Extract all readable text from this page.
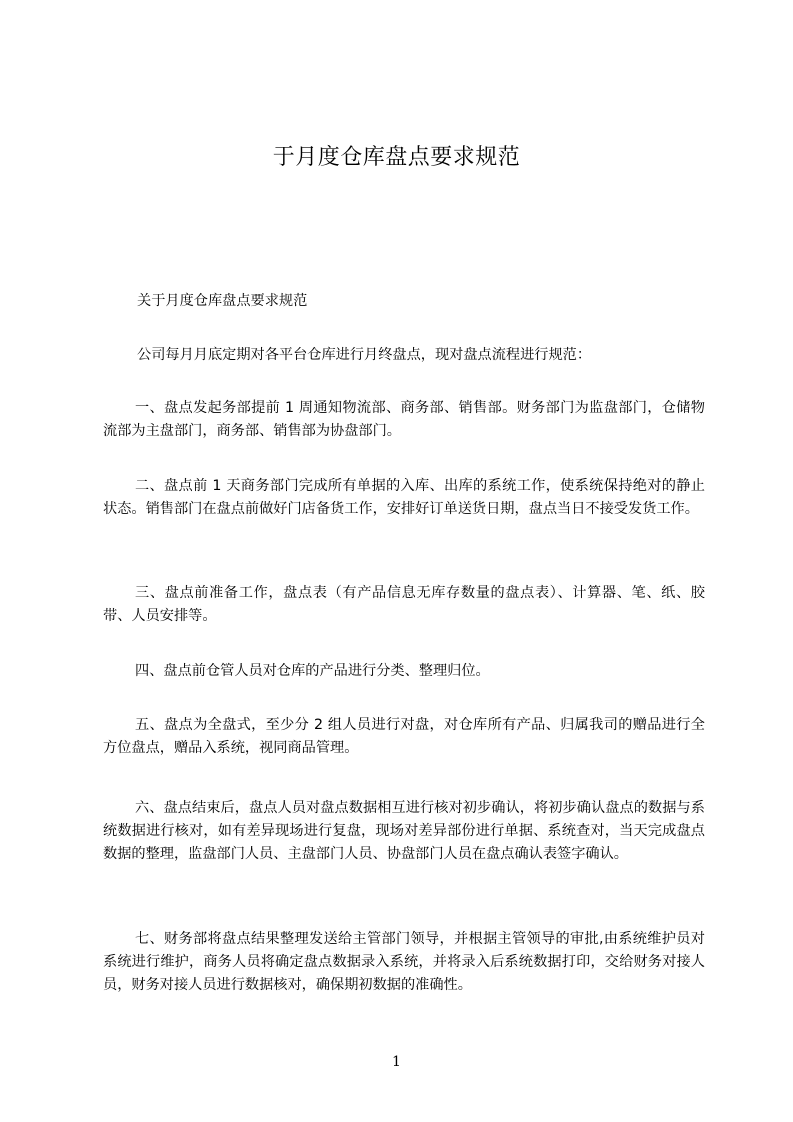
于月度仓库盘点要求规范
关于月度仓库盘点要求规范
公司每月月底定期对各平台仓库进行月终盘点，现对盘点流程进行规范：
一、盘点发起务部提前 1 周通知物流部、商务部、销售部。财务部门为监盘部门，仓储物流部为主盘部门，商务部、销售部为协盘部门。
二、盘点前 1 天商务部门完成所有单据的入库、出库的系统工作，使系统保持绝对的静止状态。销售部门在盘点前做好门店备货工作，安排好订单送货日期，盘点当日不接受发货工作。
三、盘点前准备工作，盘点表（有产品信息无库存数量的盘点表）、计算器、笔、纸、胶带、人员安排等。
四、盘点前仓管人员对仓库的产品进行分类、整理归位。
五、盘点为全盘式，至少分 2 组人员进行对盘，对仓库所有产品、归属我司的赠品进行全方位盘点，赠品入系统，视同商品管理。
六、盘点结束后，盘点人员对盘点数据相互进行核对初步确认，将初步确认盘点的数据与系统数据进行核对，如有差异现场进行复盘，现场对差异部份进行单据、系统查对，当天完成盘点数据的整理，监盘部门人员、主盘部门人员、协盘部门人员在盘点确认表签字确认。
七、财务部将盘点结果整理发送给主管部门领导，并根据主管领导的审批,由系统维护员对系统进行维护，商务人员将确定盘点数据录入系统，并将录入后系统数据打印，交给财务对接人员，财务对接人员进行数据核对，确保期初数据的准确性。
1
